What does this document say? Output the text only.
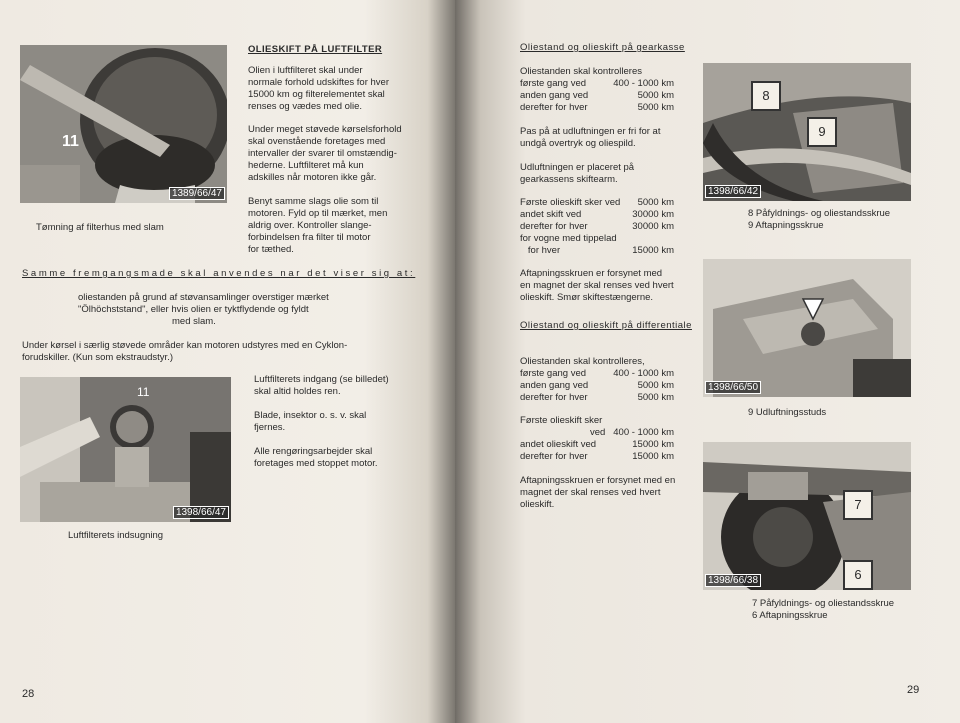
11
1389/66/47
Tømning af filterhus med slam
OLIESKIFT PÅ LUFTFILTER
Olien i luftfilteret skal under
normale forhold udskiftes for hver
15000 km og filterelementet skal
renses og vædes med olie.
Under meget støvede kørselsforhold
skal ovenstående foretages med
intervaller der svarer til omstændig-
hederne. Luftfilteret må kun
adskilles når motoren ikke går.
Benyt samme slags olie som til
motoren. Fyld op til mærket, men
aldrig over. Kontroller slange-
forbindelsen fra filter til motor
for tæthed.
Samme fremgangsmade skal anvendes nar det viser sig at:
oliestanden på grund af støvansamlinger overstiger mærket
"Ölhöchststand", eller hvis olien er tyktflydende og fyldt
med slam.
Under kørsel i særlig støvede områder kan motoren udstyres med en Cyklon-
forudskiller. (Kun som ekstraudstyr.)
11
1398/66/47
Luftfilterets indsugning
Luftfilterets indgang (se billedet)
skal altid holdes ren.
Blade, insektor o. s. v. skal
fjernes.
Alle rengøringsarbejder skal
foretages med stoppet motor.
28
Oliestand og olieskift på gearkasse
Oliestanden skal kontrolleres
første gang ved	400 - 1000 km
anden gang ved	5000 km
derefter for hver	5000 km
Pas på at udluftningen er fri for at
undgå overtryk og oliespild.
Udluftningen er placeret på
gearkassens skiftearm.
Første olieskift sker ved	5000 km
andet skift ved	30000 km
derefter for hver	30000 km
for vogne med tippelad
for hver	15000 km
Aftapningsskruen er forsynet med
en magnet der skal renses ved hvert
olieskift. Smør skiftestængerne.
Oliestand og olieskift på differentiale
Oliestanden skal kontrolleres,
første gang ved	400 - 1000 km
anden gang ved	5000 km
derefter for hver	5000 km
Første olieskift sker
ved 400 - 1000 km
andet olieskift ved	15000 km
derefter for hver	15000 km
Aftapningsskruen er forsynet med en
magnet der skal renses ved hvert
olieskift.
8
9
1398/66/42
8 Påfyldnings- og oliestandsskrue
9 Aftapningsskrue
1398/66/50
9 Udluftningsstuds
7
6
1398/66/38
7 Påfyldnings- og oliestandsskrue
6 Aftapningsskrue
29
